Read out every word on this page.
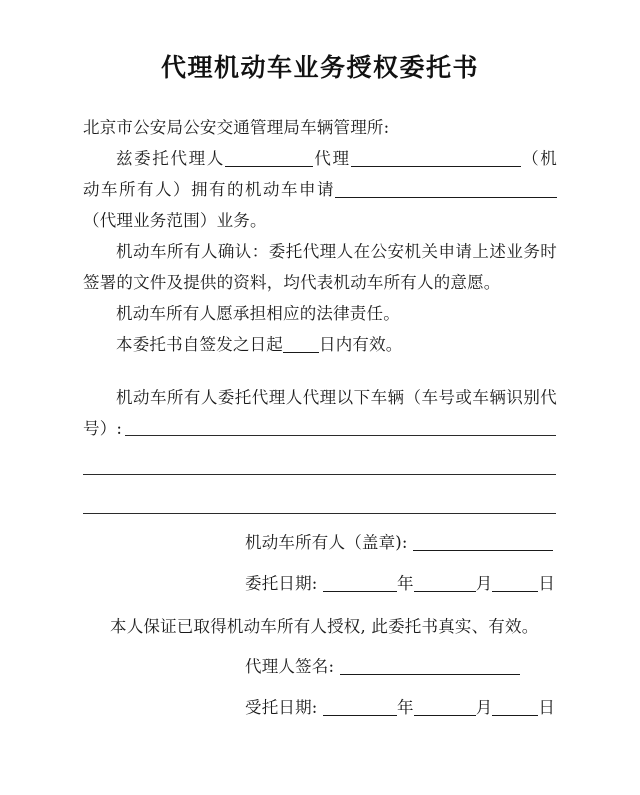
代理机动车业务授权委托书

北京市公安局公安交通管理局车辆管理所:

兹委托代理人	代理	（机动车所有人）拥有的机动车申请（代理业务范围）业务。

机动车所有人确认：委托代理人在公安机关申请上述业务时签署的文件及提供的资料，均代表机动车所有人的意愿。

机动车所有人愿承担相应的法律责任。

本委托书自签发之日起 日内有效。

机动车所有人委托代理人代理以下车辆（车号或车辆识别代号）:

机动车所有人（盖章):
委托日期:	年	月	日
本人保证已取得机动车所有人授权, 此委托书真实、有效。
代理人签名:
受托日期:	年	月	日
